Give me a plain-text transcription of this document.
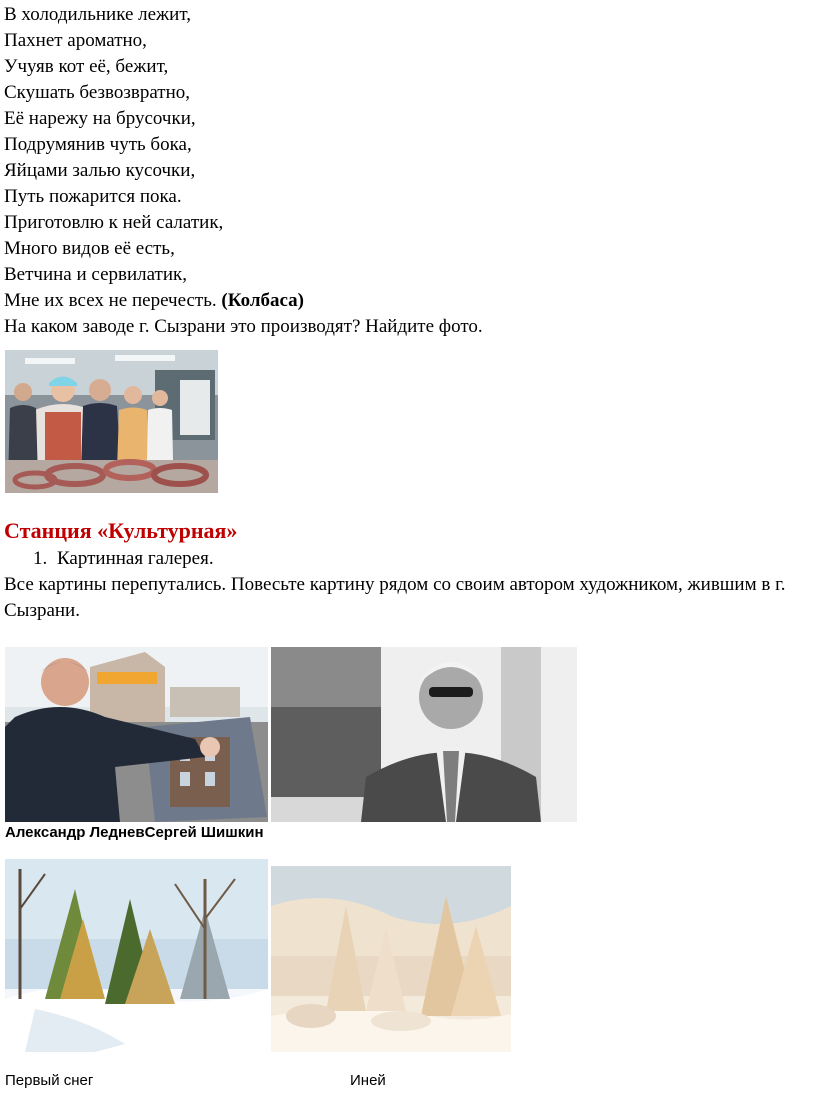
В холодильнике лежит,
Пахнет ароматно,
Учуяв кот её, бежит,
Скушать безвозвратно,
Её нарежу на брусочки,
Подрумянив чуть бока,
Яйцами залью кусочки,
Путь пожарится пока.
Приготовлю к ней салатик,
Много видов её есть,
Ветчина и сервилатик,
Мне их всех не перечесть. (Колбаса)
На каком заводе г. Сызрани это производят? Найдите фото.
Станция «Культурная»
1. Картинная галерея.
Все картины перепутались. Повесьте картину рядом со своим автором художником, жившим в г. Сызрани.
Александр ЛедневСергей Шишкин
Первый снег	Иней
